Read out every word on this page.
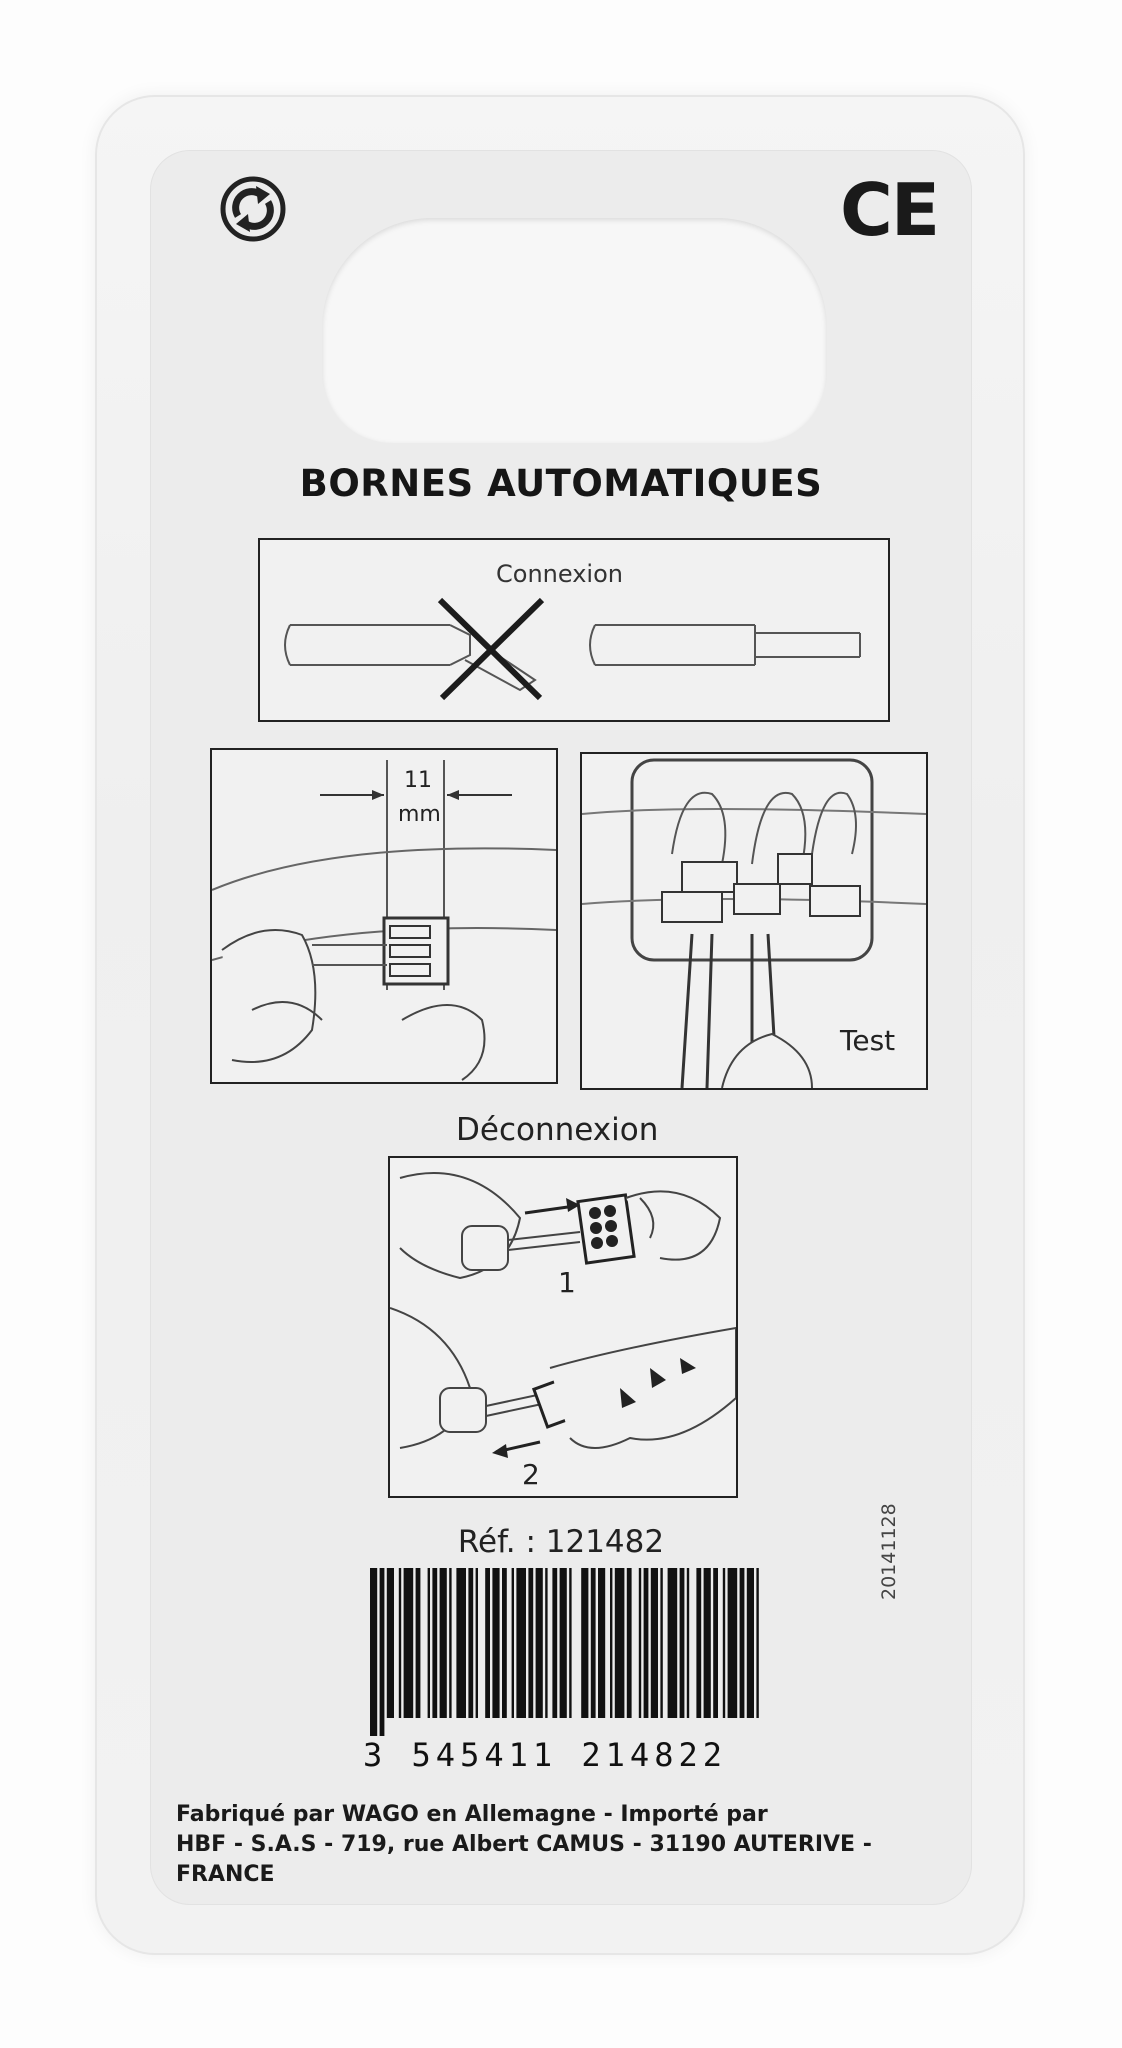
CE
BORNES AUTOMATIQUES
Connexion
11
mm
Test
Déconnexion
1
2
Réf. : 121482
3 545411 214822
20141128
Fabriqué par WAGO en Allemagne - Importé par
HBF - S.A.S - 719, rue Albert CAMUS - 31190 AUTERIVE - FRANCE
